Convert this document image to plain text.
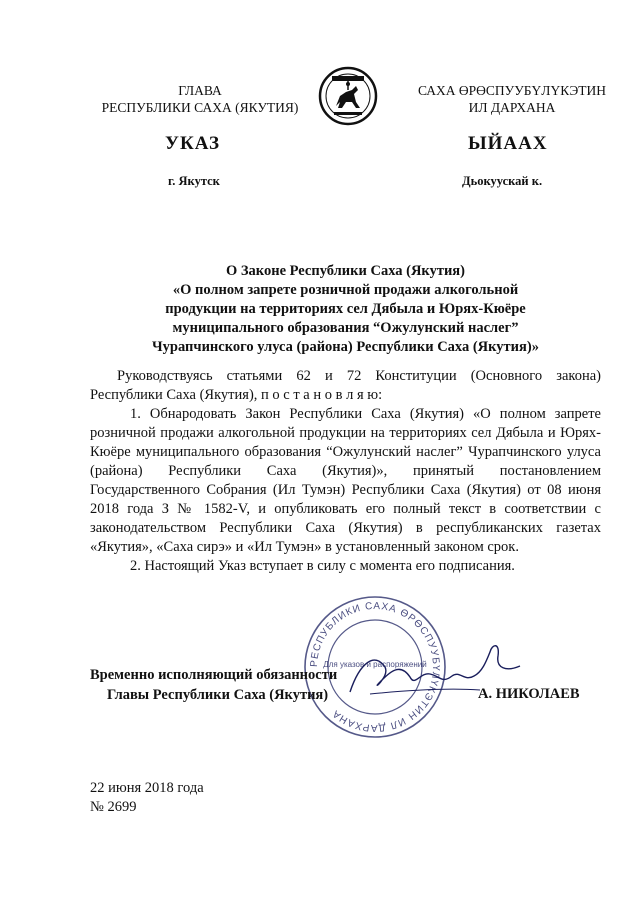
ГЛАВА
РЕСПУБЛИКИ САХА (ЯКУТИЯ)
САХА ӨРӨСПУУБҮЛҮКЭТИН
ИЛ ДАРХАНА
УКАЗ	ЫЙААХ
г. Якутск	Дьокуускай к.
О Законе Республики Саха (Якутия)
«О полном запрете розничной продажи алкогольной
продукции на территориях сел Дябыла и Юрях-Кюёре
муниципального образования “Ожулунский наслег”
Чурапчинского улуса (района) Республики Саха (Якутия)»

Руководствуясь статьями 62 и 72 Конституции (Основного закона) Республики Саха (Якутия), п о с т а н о в л я ю:

1. Обнародовать Закон Республики Саха (Якутия) «О полном запрете розничной продажи алкогольной продукции на территориях сел Дябыла и Юрях-Кюёре муниципального образования “Ожулунский наслег” Чурапчинского улуса (района) Республики Саха (Якутия)», принятый постановлением Государственного Собрания (Ил Тумэн) Республики Саха (Якутия) от 08 июня 2018 года З № 1582-V, и опубликовать его полный текст в соответствии с законодательством Республики Саха (Якутия) в республиканских газетах «Якутия», «Саха сирэ» и «Ил Тумэн» в установленный законом срок.

2. Настоящий Указ вступает в силу с момента его подписания.

РЕСПУБЛИКИ САХА ӨРӨСПУУБҮЛҮКЭТИН ИЛ ДАРХАНА
Для указов и распоряжений
Временно исполняющий обязанности
Главы Республики Саха (Якутия)	А. НИКОЛАЕВ
22 июня 2018 года
№ 2699
